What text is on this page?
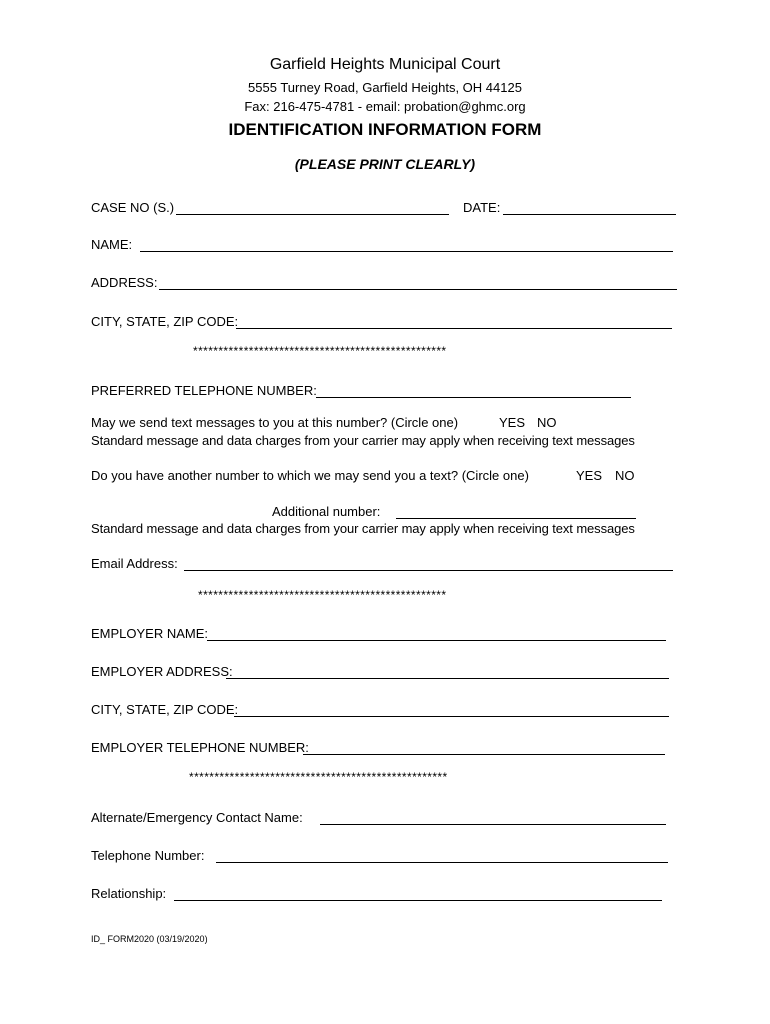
Garfield Heights Municipal Court
5555 Turney Road, Garfield Heights, OH 44125
Fax: 216-475-4781 - email: probation@ghmc.org
IDENTIFICATION INFORMATION FORM
(PLEASE PRINT CLEARLY)
CASE NO (S.)	DATE:
NAME:
ADDRESS:
CITY, STATE, ZIP CODE:
**************************************************
PREFERRED TELEPHONE NUMBER:
May we send text messages to you at this number? (Circle one)	YES NO
Standard message and data charges from your carrier may apply when receiving text messages
Do you have another number to which we may send you a text? (Circle one)	YES NO
Additional number:
Standard message and data charges from your carrier may apply when receiving text messages
Email Address:
*************************************************
EMPLOYER NAME:
EMPLOYER ADDRESS:
CITY, STATE, ZIP CODE:
EMPLOYER TELEPHONE NUMBER:
***************************************************
Alternate/Emergency Contact Name:
Telephone Number:
Relationship:
ID_ FORM2020 (03/19/2020)
